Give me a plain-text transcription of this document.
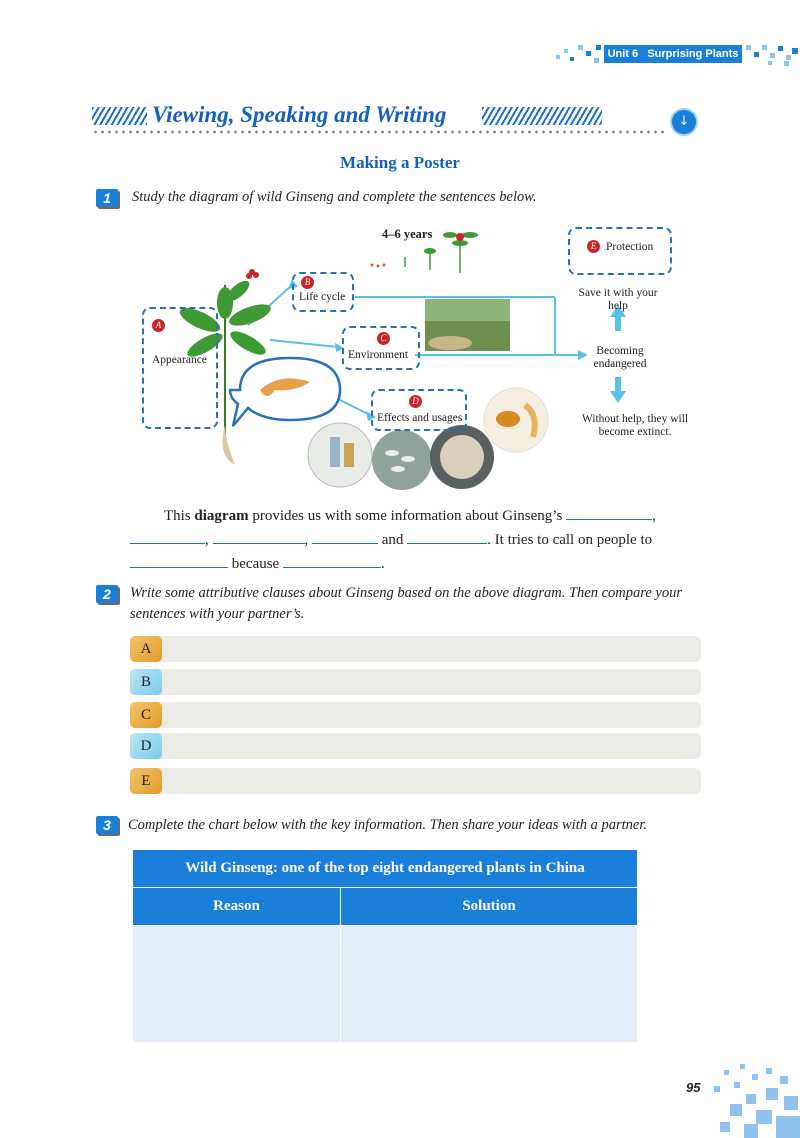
Unit 6 Surprising Plants
Viewing, Speaking and Writing	↓
Making a Poster
1	Study the diagram of wild Ginseng and complete the sentences below.
A
Appearance
B
Life cycle
C
Environment
D
Effects and usages
E Protection
4–6 years
Save it with your help
Becoming endangered
Without help, they will become extinct.
This diagram provides us with some information about Ginseng’s	,
,	,	and	. It tries to call on people to
because	.
2	Write some attributive clauses about Ginseng based on the above diagram. Then compare your sentences with your partner’s.
A
B
C
D
E
3	Complete the chart below with the key information. Then share your ideas with a partner.
Wild Ginseng: one of the top eight endangered plants in China	
Reason	Solution

95
